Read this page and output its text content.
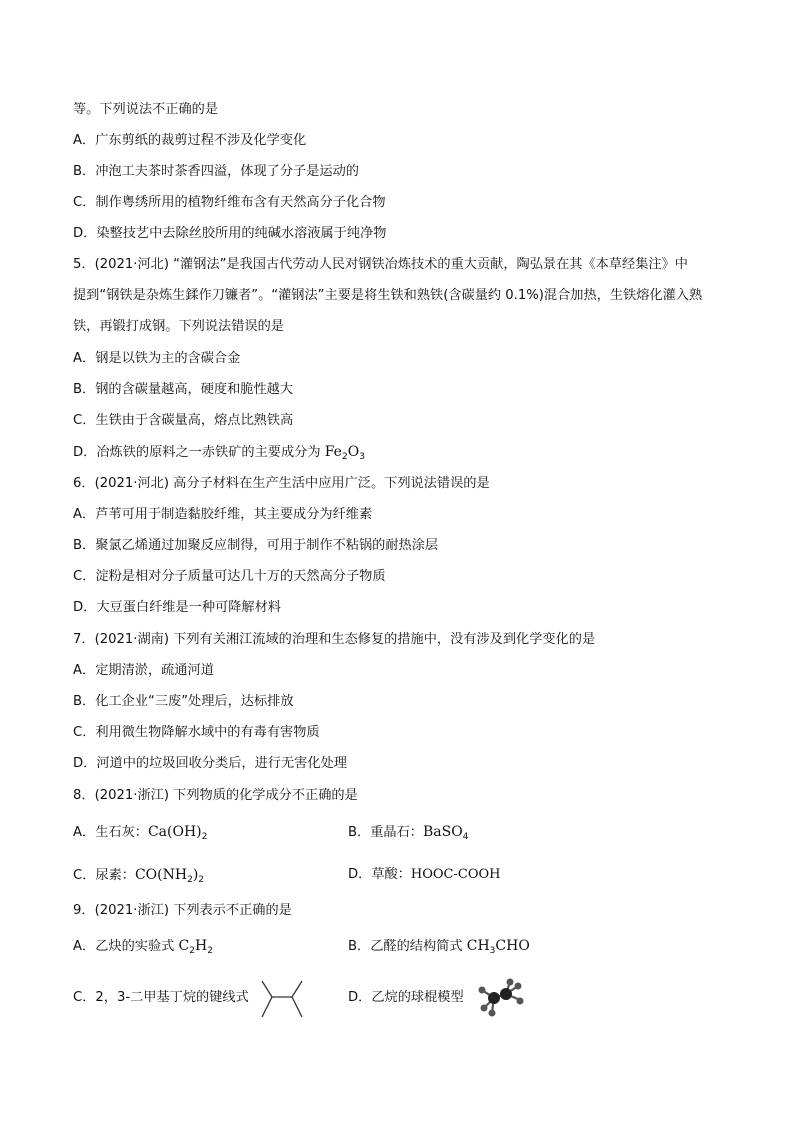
等。下列说法不正确的是
A．广东剪纸的裁剪过程不涉及化学变化
B．冲泡工夫茶时茶香四溢，体现了分子是运动的
C．制作粤绣所用的植物纤维布含有天然高分子化合物
D．染整技艺中去除丝胶所用的纯碱水溶液属于纯净物
5．(2021·河北) “灌钢法”是我国古代劳动人民对钢铁冶炼技术的重大贡献，陶弘景在其《本草经集注》中
提到“钢铁是杂炼生鍒作刀镰者”。“灌钢法”主要是将生铁和熟铁(含碳量约 0.1%)混合加热，生铁熔化灌入熟
铁，再锻打成钢。下列说法错误的是
A．钢是以铁为主的含碳合金
B．钢的含碳量越高，硬度和脆性越大
C．生铁由于含碳量高，熔点比熟铁高
D．冶炼铁的原料之一赤铁矿的主要成分为 $Fe_2O_3$
6．(2021·河北) 高分子材料在生产生活中应用广泛。下列说法错误的是
A．芦苇可用于制造黏胶纤维，其主要成分为纤维素
B．聚氯乙烯通过加聚反应制得，可用于制作不粘锅的耐热涂层
C．淀粉是相对分子质量可达几十万的天然高分子物质
D．大豆蛋白纤维是一种可降解材料
7．(2021·湖南) 下列有关湘江流域的治理和生态修复的措施中，没有涉及到化学变化的是
A．定期清淤，疏通河道
B．化工企业“三废”处理后，达标排放
C．利用微生物降解水域中的有毒有害物质
D．河道中的垃圾回收分类后，进行无害化处理
8．(2021·浙江) 下列物质的化学成分不正确的是
A．生石灰：$Ca(OH)_2$	B．重晶石：BaSO$_4$
C．尿素：$CO(NH_2)_2$	D．草酸：HOOC-COOH
9．(2021·浙江) 下列表示不正确的是
A．乙炔的实验式 $C_2H_2$	B．乙醛的结构简式 $CH_3CHO$
C．2，3-二甲基丁烷的键线式	D．乙烷的球棍模型
